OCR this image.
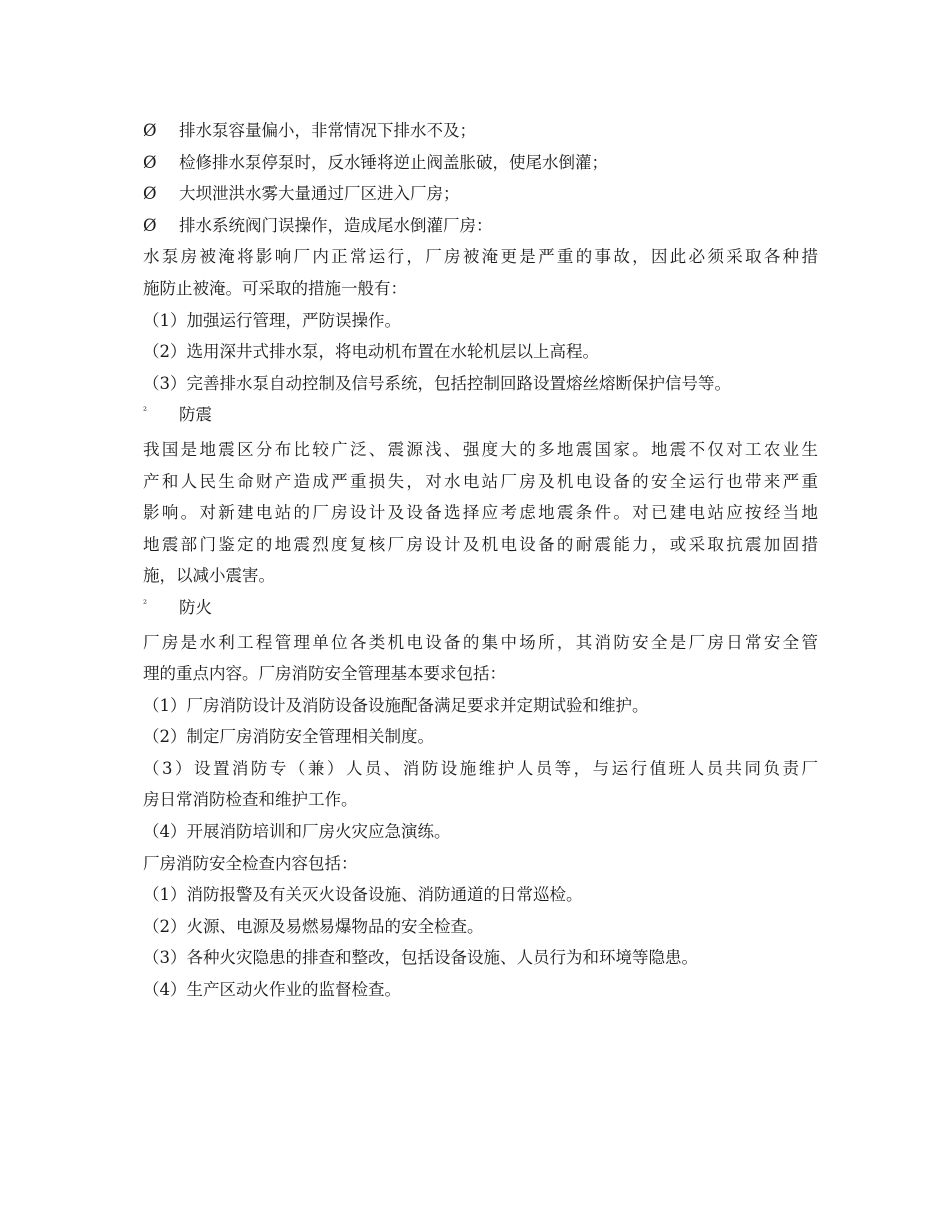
Ø	排水泵容量偏小，非常情况下排水不及；
Ø	检修排水泵停泵时，反水锤将逆止阀盖胀破，使尾水倒灌；
Ø	大坝泄洪水雾大量通过厂区进入厂房；
Ø	排水系统阀门误操作，造成尾水倒灌厂房：
水泵房被淹将影响厂内正常运行，厂房被淹更是严重的事故，因此必须采取各种措
施防止被淹。可采取的措施一般有：
（1）加强运行管理，严防误操作。
（2）选用深井式排水泵，将电动机布置在水轮机层以上高程。
（3）完善排水泵自动控制及信号系统，包括控制回路设置熔丝熔断保护信号等。
²	防震
我国是地震区分布比较广泛、震源浅、强度大的多地震国家。地震不仅对工农业生
产和人民生命财产造成严重损失，对水电站厂房及机电设备的安全运行也带来严重
影响。对新建电站的厂房设计及设备选择应考虑地震条件。对已建电站应按经当地
地震部门鉴定的地震烈度复核厂房设计及机电设备的耐震能力，或采取抗震加固措
施，以减小震害。
²	防火
厂房是水利工程管理单位各类机电设备的集中场所，其消防安全是厂房日常安全管
理的重点内容。厂房消防安全管理基本要求包括：
（1）厂房消防设计及消防设备设施配备满足要求并定期试验和维护。
（2）制定厂房消防安全管理相关制度。
（3）设置消防专（兼）人员、消防设施维护人员等，与运行值班人员共同负责厂
房日常消防检查和维护工作。
（4）开展消防培训和厂房火灾应急演练。
厂房消防安全检查内容包括：
（1）消防报警及有关灭火设备设施、消防通道的日常巡检。
（2）火源、电源及易燃易爆物品的安全检查。
（3）各种火灾隐患的排查和整改，包括设备设施、人员行为和环境等隐患。
（4）生产区动火作业的监督检查。
